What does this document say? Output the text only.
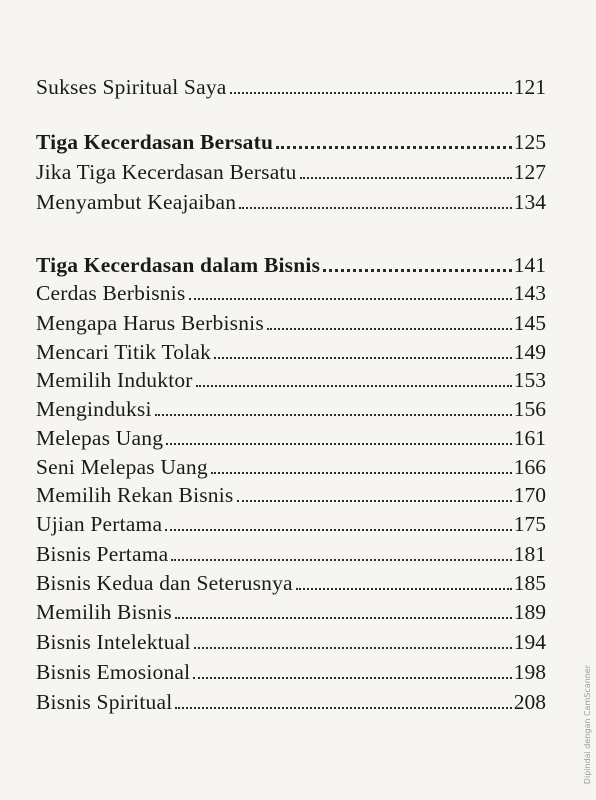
Sukses Spiritual Saya	121
Tiga Kecerdasan Bersatu	125
Jika Tiga Kecerdasan Bersatu	127
Menyambut Keajaiban	134
Tiga Kecerdasan dalam Bisnis	141
Cerdas Berbisnis	143
Mengapa Harus Berbisnis	145
Mencari Titik Tolak	149
Memilih Induktor	153
Menginduksi	156
Melepas Uang	161
Seni Melepas Uang	166
Memilih Rekan Bisnis	170
Ujian Pertama	175
Bisnis Pertama	181
Bisnis Kedua dan Seterusnya	185
Memilih Bisnis	189
Bisnis Intelektual	194
Bisnis Emosional	198
Bisnis Spiritual	208	Dipindai dengan CamScanner
